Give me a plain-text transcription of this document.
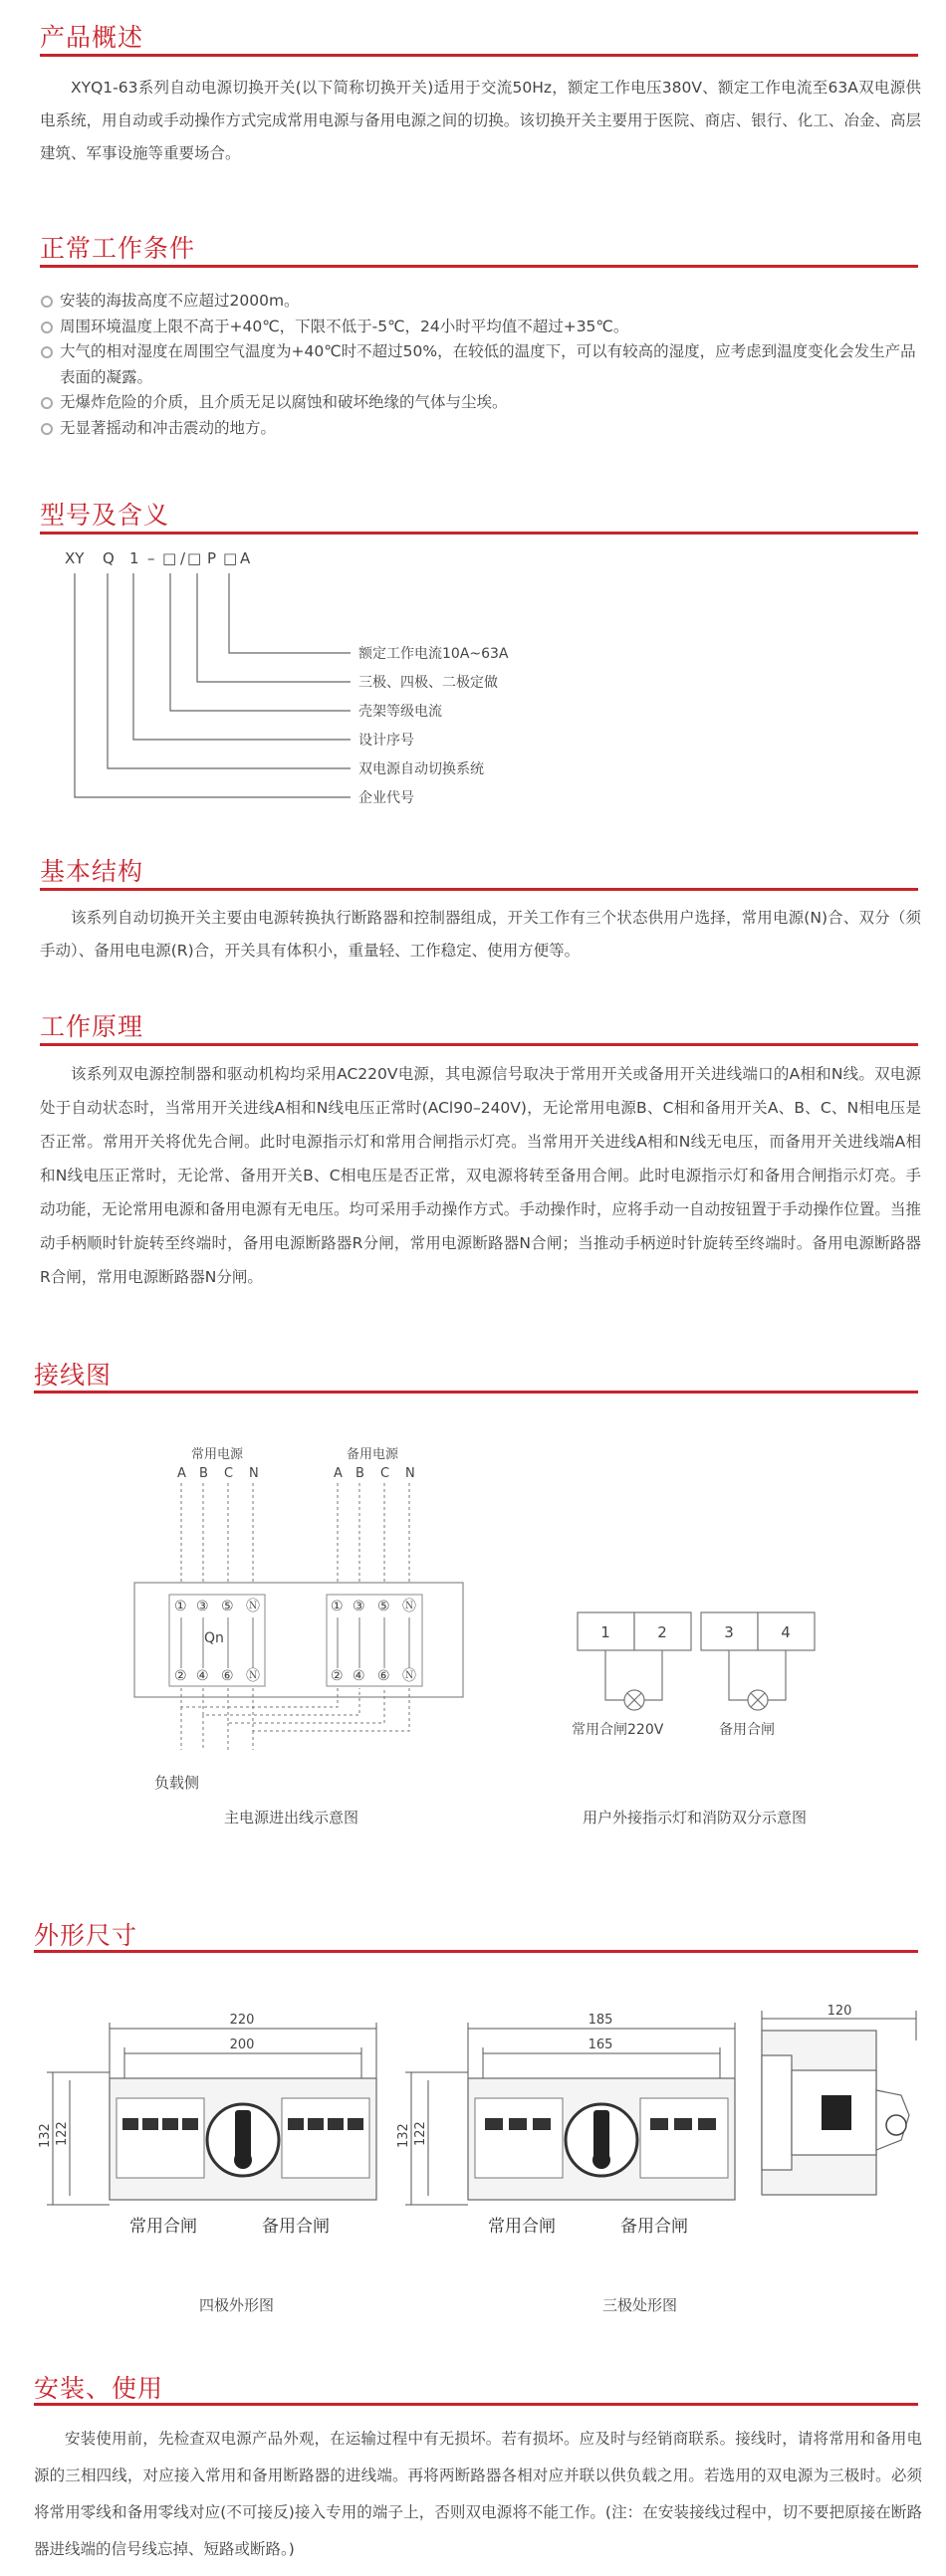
产品概述
XYQ1-63系列自动电源切换开关(以下简称切换开关)适用于交流50Hz，额定工作电压380V、额定工作电流至63A双电源供电系统，用自动或手动操作方式完成常用电源与备用电源之间的切换。该切换开关主要用于医院、商店、银行、化工、冶金、高层建筑、军事设施等重要场合。
正常工作条件
安装的海拔高度不应超过2000m。
周围环境温度上限不高于+40℃，下限不低于-5℃，24小时平均值不超过+35℃。
大气的相对湿度在周围空气温度为+40℃时不超过50%，在较低的温度下，可以有较高的湿度，应考虑到温度变化会发生产品表面的凝露。
无爆炸危险的介质，且介质无足以腐蚀和破坏绝缘的气体与尘埃。
无显著摇动和冲击震动的地方。
型号及含义
XY Q 1 – □ / □ P □ A
额定工作电流10A~63A
三极、四极、二极定做
壳架等级电流
设计序号
双电源自动切换系统
企业代号
基本结构
该系列自动切换开关主要由电源转换执行断路器和控制器组成，开关工作有三个状态供用户选择，常用电源(N)合、双分（须手动）、备用电电源(R)合，开关具有体积小，重量轻、工作稳定、使用方便等。
工作原理
该系列双电源控制器和驱动机构均采用AC220V电源，其电源信号取决于常用开关或备用开关进线端口的A相和N线。双电源处于自动状态时，当常用开关进线A相和N线电压正常时(ACl90–240V)，无论常用电源B、C相和备用开关A、B、C、N相电压是否正常。常用开关将优先合闸。此时电源指示灯和常用合闸指示灯亮。当常用开关进线A相和N线无电压，而备用开关进线端A相和N线电压正常时，无论常、备用开关B、C相电压是否正常，双电源将转至备用合闸。此时电源指示灯和备用合闸指示灯亮。手动功能，无论常用电源和备用电源有无电压。均可采用手动操作方式。手动操作时，应将手动一自动按钮置于手动操作位置。当推动手柄顺时针旋转至终端时，备用电源断路器R分闸，常用电源断路器N合闸；当推动手柄逆时针旋转至终端时。备用电源断路器R合闸，常用电源断路器N分闸。
接线图
常用电源	备用电源
A B C N	A B C N
① ③ ⑤ Ⓝ	① ③ ⑤ Ⓝ
Qn
② ④ ⑥ Ⓝ	② ④ ⑥ Ⓝ
负载侧
主电源进出线示意图
1	2	3	4
常用合闸220V	备用合闸
用户外接指示灯和消防双分示意图
外形尺寸
220
200
132 122
常用合闸	备用合闸
四极外形图
185
165
132 122
常用合闸	备用合闸
三极处形图
120
安装、使用
安装使用前，先检查双电源产品外观，在运输过程中有无损坏。若有损坏。应及时与经销商联系。接线时，请将常用和备用电源的三相四线，对应接入常用和备用断路器的进线端。再将两断路器各相对应并联以供负载之用。若选用的双电源为三极时。必须将常用零线和备用零线对应(不可接反)接入专用的端子上，否则双电源将不能工作。(注：在安装接线过程中，切不要把原接在断路器进线端的信号线忘掉、短路或断路。)
